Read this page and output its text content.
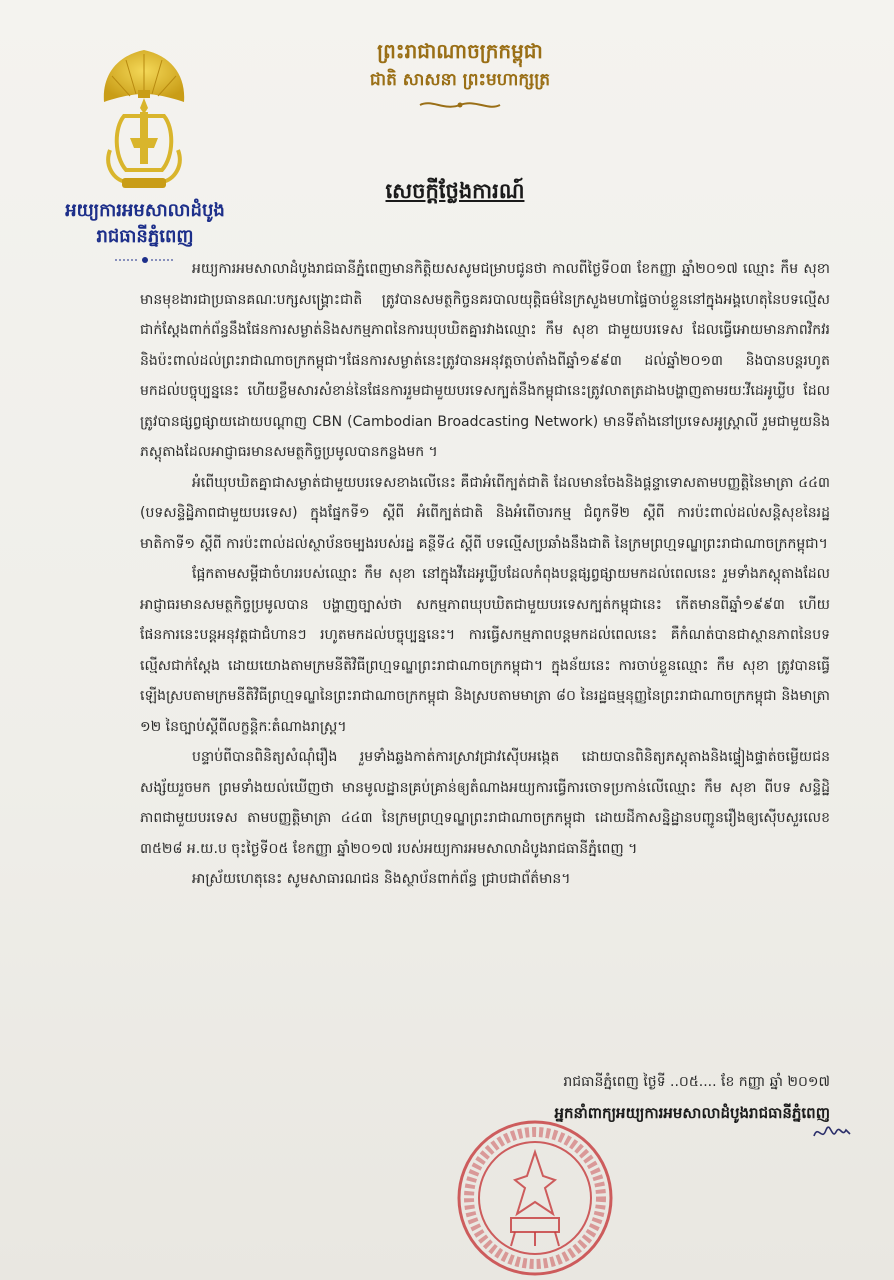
អយ្យការអមសាលាដំបូង
រាជធានីភ្នំពេញ
ព្រះរាជាណាចក្រកម្ពុជា
ជាតិ សាសនា ព្រះមហាក្សត្រ
សេចក្ដីថ្លែងការណ៍

អយ្យការអមសាលាដំបូងរាជធានីភ្នំពេញមានកិត្តិយសសូមជម្រាបជូនថា កាលពីថ្ងៃទី០៣ ខែកញ្ញា ឆ្នាំ២០១៧ ឈ្មោះ កឹម សុខា មានមុខងារជាប្រធានគណៈបក្សសង្គ្រោះជាតិ ត្រូវបានសមត្ថកិច្ចនគរបាលយុត្តិធម៌នៃក្រសួងមហាផ្ទៃចាប់ខ្លួននៅក្នុងអង្គហេតុនៃបទល្មើសជាក់ស្ដែងពាក់ព័ន្ធនឹងផែនការសម្ងាត់និងសកម្មភាពនៃការឃុបឃិតគ្នារវាងឈ្មោះ កឹម សុខា ជាមួយបរទេស ដែលធ្វើអោយមានភាពវិកវរនិងប៉ះពាល់ដល់ព្រះរាជាណាចក្រកម្ពុជា។ផែនការសម្ងាត់នេះត្រូវបានអនុវត្តចាប់តាំងពីឆ្នាំ១៩៩៣ ដល់ឆ្នាំ២០១៣ និងបានបន្តរហូតមកដល់បច្ចុប្បន្ននេះ ហើយខ្លឹមសារសំខាន់នៃផែនការរួមជាមួយបរទេសក្បត់នឹងកម្ពុជានេះត្រូវលាតត្រដាងបង្ហាញតាមរយៈវីដេអូឃ្លីប ដែលត្រូវបានផ្សព្វផ្សាយដោយបណ្ដាញ CBN (Cambodian Broadcasting Network) មានទីតាំងនៅប្រទេសអូស្ត្រាលី រួមជាមួយនិងភស្តុតាងដែលអាជ្ញាធរមានសមត្ថកិច្ចប្រមូលបានកន្លងមក ។

អំពើឃុបឃិតគ្នាជាសម្ងាត់ជាមួយបរទេសខាងលើនេះ គឺជាអំពើក្បត់ជាតិ ដែលមានចែងនិងផ្ដន្ទាទោសតាមបញ្ញត្តិនៃមាត្រា ៤៤៣ (បទសន្ទិដ្ឋិភាពជាមួយបរទេស) ក្នុងផ្នែកទី១ ស្ដីពី អំពើក្បត់ជាតិ និងអំពើចារកម្ម ជំពូកទី២ ស្ដីពី ការប៉ះពាល់ដល់សន្តិសុខនៃរដ្ឋ មាតិកាទី១ ស្ដីពី ការប៉ះពាល់ដល់ស្ថាប័នចម្បងរបស់រដ្ឋ គន្ថីទី៤ ស្ដីពី បទល្មើសប្រឆាំងនឹងជាតិ នៃក្រមព្រហ្មទណ្ឌព្រះរាជាណាចក្រកម្ពុជា។

ផ្អែកតាមសម្ដីជាចំហររបស់ឈ្មោះ កឹម សុខា នៅក្នុងវីដេអូឃ្លីបដែលកំពុងបន្តផ្សព្វផ្សាយមកដល់ពេលនេះ រួមទាំងភស្តុតាងដែលអាជ្ញាធរមានសមត្ថកិច្ចប្រមូលបាន បង្ហាញច្បាស់ថា សកម្មភាពឃុបឃិតជាមួយបរទេសក្បត់កម្ពុជានេះ កើតមានពីឆ្នាំ១៩៩៣ ហើយផែនការនេះបន្តអនុវត្តជាជំហានៗ រហូតមកដល់បច្ចុប្បន្ននេះ។ ការធ្វើសកម្មភាពបន្តមកដល់ពេលនេះ គឺកំណត់បានជាស្ថានភាពនៃបទល្មើសជាក់ស្ដែង ដោយយោងតាមក្រមនីតិវិធីព្រហ្មទណ្ឌព្រះរាជាណាចក្រកម្ពុជា។ ក្នុងន័យនេះ ការចាប់ខ្លួនឈ្មោះ កឹម សុខា ត្រូវបានធ្វើឡើងស្របតាមក្រមនីតិវិធីព្រហ្មទណ្ឌនៃព្រះរាជាណាចក្រកម្ពុជា និងស្របតាមមាត្រា ៨០ នៃរដ្ឋធម្មនុញ្ញនៃព្រះរាជាណាចក្រកម្ពុជា និងមាត្រា ១២ នៃច្បាប់ស្ដីពីលក្ខន្តិកៈតំណាងរាស្ត្រ។

បន្ទាប់ពីបានពិនិត្យសំណុំរឿង រួមទាំងឆ្លងកាត់ការស្រាវជ្រាវស៊ើបអង្កេត ដោយបានពិនិត្យភស្តុតាងនិងផ្ទៀងផ្ទាត់ចម្លើយជនសង្ស័យរួចមក ព្រមទាំងយល់ឃើញថា មានមូលដ្ឋានគ្រប់គ្រាន់ឲ្យតំណាងអយ្យការធ្វើការចោទប្រកាន់លើឈ្មោះ កឹម សុខា ពីបទ សន្ទិដ្ឋិភាពជាមួយបរទេស តាមបញ្ញត្តិមាត្រា ៤៤៣ នៃក្រមព្រហ្មទណ្ឌព្រះរាជាណាចក្រកម្ពុជា ដោយដីកាសន្និដ្ឋានបញ្ជូនរឿងឲ្យស៊ើបសួរលេខ ៣៥២៨ អ.យ.ប ចុះថ្ងៃទី០៥ ខែកញ្ញា ឆ្នាំ២០១៧ របស់អយ្យការអមសាលាដំបូងរាជធានីភ្នំពេញ ។

អាស្រ័យហេតុនេះ សូមសាធារណជន និងស្ថាប័នពាក់ព័ន្ធ ជ្រាបជាព័ត៌មាន។

រាជធានីភ្នំពេញ ថ្ងៃទី ..០៥.... ខែ កញ្ញា ឆ្នាំ ២០១៧
អ្នកនាំពាក្យអយ្យការអមសាលាដំបូងរាជធានីភ្នំពេញ
